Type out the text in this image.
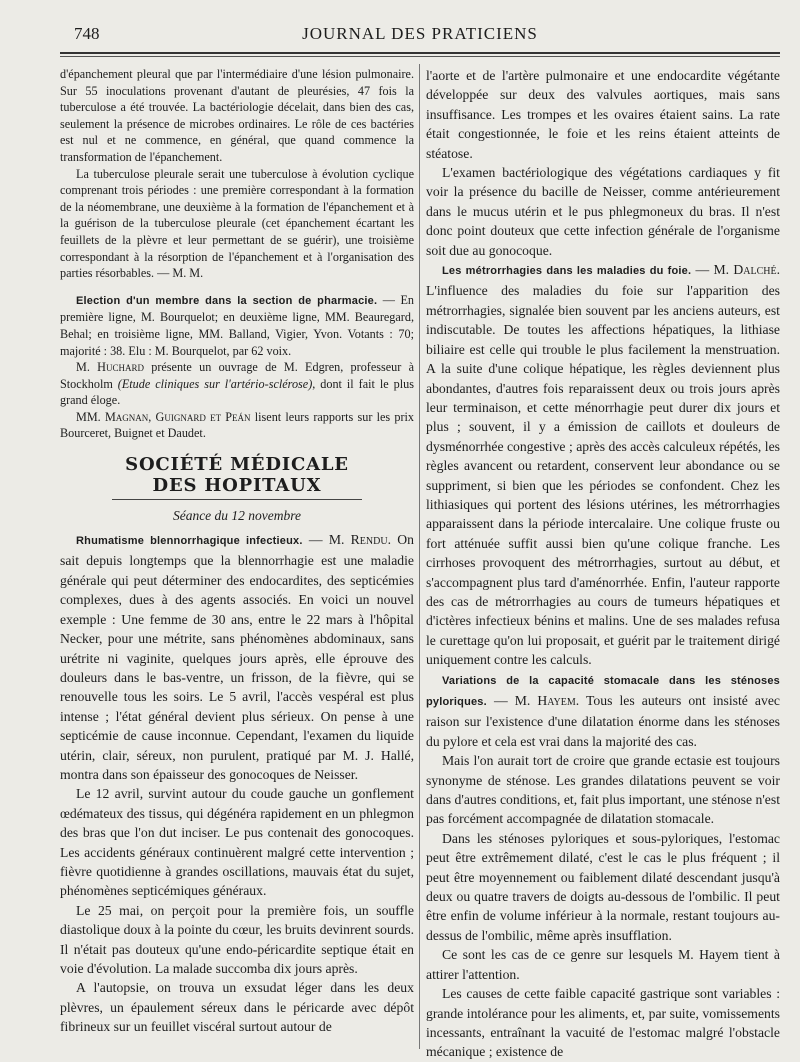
748	JOURNAL DES PRATICIENS

d'épanchement pleural que par l'intermédiaire d'une lésion pulmonaire. Sur 55 inoculations provenant d'autant de pleurésies, 47 fois la tuberculose a été trouvée. La bactériologie décelait, dans bien des cas, seulement la présence de microbes ordinaires. Le rôle de ces bactéries est nul et ne commence, en général, que quand commence la transformation de l'épanchement.

La tuberculose pleurale serait une tuberculose à évolution cyclique comprenant trois périodes : une première correspondant à la formation de la néomembrane, une deuxième à la formation de l'épanchement et à la guérison de la tuberculose pleurale (cet épanchement écartant les feuillets de la plèvre et leur permettant de se guérir), une troisième correspondant à la résorption de l'épanchement et à l'organisation des parties résorbables. — M. M.

Election d'un membre dans la section de pharmacie. — En première ligne, M. Bourquelot; en deuxième ligne, MM. Beauregard, Behal; en troisième ligne, MM. Balland, Vigier, Yvon. Votants : 70; majorité : 38. Elu : M. Bourquelot, par 62 voix.

M. Huchard présente un ouvrage de M. Edgren, professeur à Stockholm (Etude cliniques sur l'artério-sclérose), dont il fait le plus grand éloge.

MM. Magnan, Guignard et Peán lisent leurs rapports sur les prix Bourceret, Buignet et Daudet.

SOCIÉTÉ MÉDICALE DES HOPITAUX
Séance du 12 novembre

Rhumatisme blennorrhagique infectieux. — M. Rendu. On sait depuis longtemps que la blennorrhagie est une maladie générale qui peut déterminer des endocardites, des septicémies complexes, dues à des agents associés. En voici un nouvel exemple : Une femme de 30 ans, entre le 22 mars à l'hôpital Necker, pour une métrite, sans phénomènes abdominaux, sans urétrite ni vaginite, quelques jours après, elle éprouve des douleurs dans le bas-ventre, un frisson, de la fièvre, qui se renouvelle tous les soirs. Le 5 avril, l'accès vespéral est plus intense ; l'état général devient plus sérieux. On pense à une septicémie de cause inconnue. Cependant, l'examen du liquide utérin, clair, séreux, non purulent, pratiqué par M. J. Hallé, montra dans son épaisseur des gonocoques de Neisser.

Le 12 avril, survint autour du coude gauche un gonflement œdémateux des tissus, qui dégénéra rapidement en un phlegmon des bras que l'on dut inciser. Le pus contenait des gonocoques. Les accidents généraux continuèrent malgré cette intervention ; fièvre quotidienne à grandes oscillations, mauvais état du sujet, phénomènes septicémiques généraux.

Le 25 mai, on perçoit pour la première fois, un souffle diastolique doux à la pointe du cœur, les bruits devinrent sourds. Il n'était pas douteux qu'une endo-péricardite septique était en voie d'évolution. La malade succomba dix jours après.

A l'autopsie, on trouva un exsudat léger dans les deux plèvres, un épaulement séreux dans le péricarde avec dépôt fibrineux sur un feuillet viscéral surtout autour de

l'aorte et de l'artère pulmonaire et une endocardite végétante développée sur deux des valvules aortiques, mais sans insuffisance. Les trompes et les ovaires étaient sains. La rate était congestionnée, le foie et les reins étaient atteints de stéatose.

L'examen bactériologique des végétations cardiaques y fit voir la présence du bacille de Neisser, comme antérieurement dans le mucus utérin et le pus phlegmoneux du bras. Il n'est donc point douteux que cette infection générale de l'organisme soit due au gonocoque.

Les métrorrhagies dans les maladies du foie. — M. Dalché. L'influence des maladies du foie sur l'apparition des métrorrhagies, signalée bien souvent par les anciens auteurs, est indiscutable. De toutes les affections hépatiques, la lithiase biliaire est celle qui trouble le plus facilement la menstruation. A la suite d'une colique hépatique, les règles deviennent plus abondantes, d'autres fois reparaissent deux ou trois jours après leur terminaison, et cette ménorrhagie peut durer dix jours et plus ; souvent, il y a émission de caillots et douleurs de dysménorrhée congestive ; après des accès calculeux répétés, les règles avancent ou retardent, conservent leur abondance ou se suppriment, si bien que les périodes se confondent. Chez les lithiasiques qui portent des lésions utérines, les métrorrhagies apparaissent dans la période intercalaire. Une colique fruste ou fort atténuée suffit aussi bien qu'une colique franche. Les cirrhoses provoquent des métrorrhagies, surtout au début, et s'accompagnent plus tard d'aménorrhée. Enfin, l'auteur rapporte des cas de métrorrhagies au cours de tumeurs hépatiques et d'ictères infectieux bénins et malins. Une de ses malades refusa le curettage qu'on lui proposait, et guérit par le traitement dirigé uniquement contre les calculs.

Variations de la capacité stomacale dans les sténoses pyloriques. — M. Hayem. Tous les auteurs ont insisté avec raison sur l'existence d'une dilatation énorme dans les sténoses du pylore et cela est vrai dans la majorité des cas.

Mais l'on aurait tort de croire que grande ectasie est toujours synonyme de sténose. Les grandes dilatations peuvent se voir dans d'autres conditions, et, fait plus important, une sténose n'est pas forcément accompagnée de dilatation stomacale.

Dans les sténoses pyloriques et sous-pyloriques, l'estomac peut être extrêmement dilaté, c'est le cas le plus fréquent ; il peut être moyennement ou faiblement dilaté descendant jusqu'à deux ou quatre travers de doigts au-dessous de l'ombilic. Il peut être enfin de volume inférieur à la normale, restant toujours au-dessus de l'ombilic, même après insufflation.

Ce sont les cas de ce genre sur lesquels M. Hayem tient à attirer l'attention.

Les causes de cette faible capacité gastrique sont variables : grande intolérance pour les aliments, et, par suite, vomissements incessants, entraînant la vacuité de l'estomac malgré l'obstacle mécanique ; existence de
